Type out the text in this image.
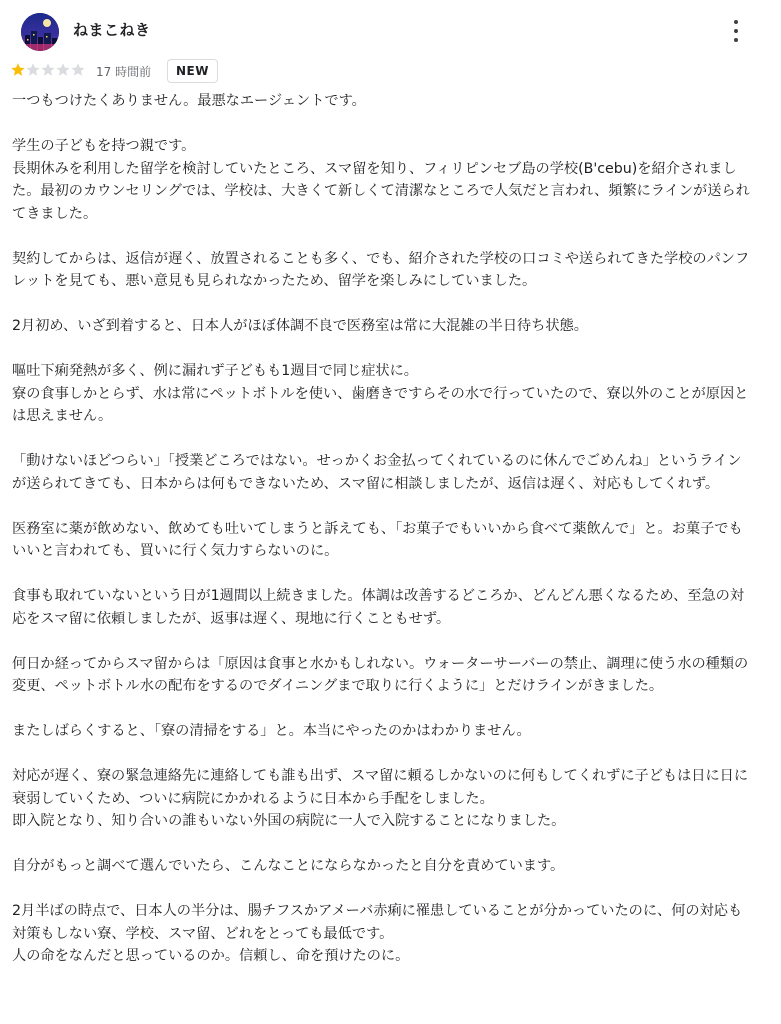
ねまこねき
17 時間前	NEW

一つもつけたくありません。最悪なエージェントです。

学生の子どもを持つ親です。
長期休みを利用した留学を検討していたところ、スマ留を知り、フィリピンセブ島の学校(B'cebu)を紹介されました。最初のカウンセリングでは、学校は、大きくて新しくて清潔なところで人気だと言われ、頻繁にラインが送られてきました。

契約してからは、返信が遅く、放置されることも多く、でも、紹介された学校の口コミや送られてきた学校のパンフレットを見ても、悪い意見も見られなかったため、留学を楽しみにしていました。

2月初め、いざ到着すると、日本人がほぼ体調不良で医務室は常に大混雑の半日待ち状態。

嘔吐下痢発熱が多く、例に漏れず子どもも1週目で同じ症状に。
寮の食事しかとらず、水は常にペットボトルを使い、歯磨きですらその水で行っていたので、寮以外のことが原因とは思えません。

「動けないほどつらい」「授業どころではない。せっかくお金払ってくれているのに休んでごめんね」というラインが送られてきても、日本からは何もできないため、スマ留に相談しましたが、返信は遅く、対応もしてくれず。

医務室に薬が飲めない、飲めても吐いてしまうと訴えても、「お菓子でもいいから食べて薬飲んで」と。お菓子でもいいと言われても、買いに行く気力すらないのに。

食事も取れていないという日が1週間以上続きました。体調は改善するどころか、どんどん悪くなるため、至急の対応をスマ留に依頼しましたが、返事は遅く、現地に行くこともせず。

何日か経ってからスマ留からは「原因は食事と水かもしれない。ウォーターサーバーの禁止、調理に使う水の種類の変更、ペットボトル水の配布をするのでダイニングまで取りに行くように」とだけラインがきました。

またしばらくすると、「寮の清掃をする」と。本当にやったのかはわかりません。

対応が遅く、寮の緊急連絡先に連絡しても誰も出ず、スマ留に頼るしかないのに何もしてくれずに子どもは日に日に衰弱していくため、ついに病院にかかれるように日本から手配をしました。
即入院となり、知り合いの誰もいない外国の病院に一人で入院することになりました。

自分がもっと調べて選んでいたら、こんなことにならなかったと自分を責めています。

2月半ばの時点で、日本人の半分は、腸チフスかアメーバ赤痢に罹患していることが分かっていたのに、何の対応も対策もしない寮、学校、スマ留、どれをとっても最低です。
人の命をなんだと思っているのか。信頼し、命を預けたのに。
